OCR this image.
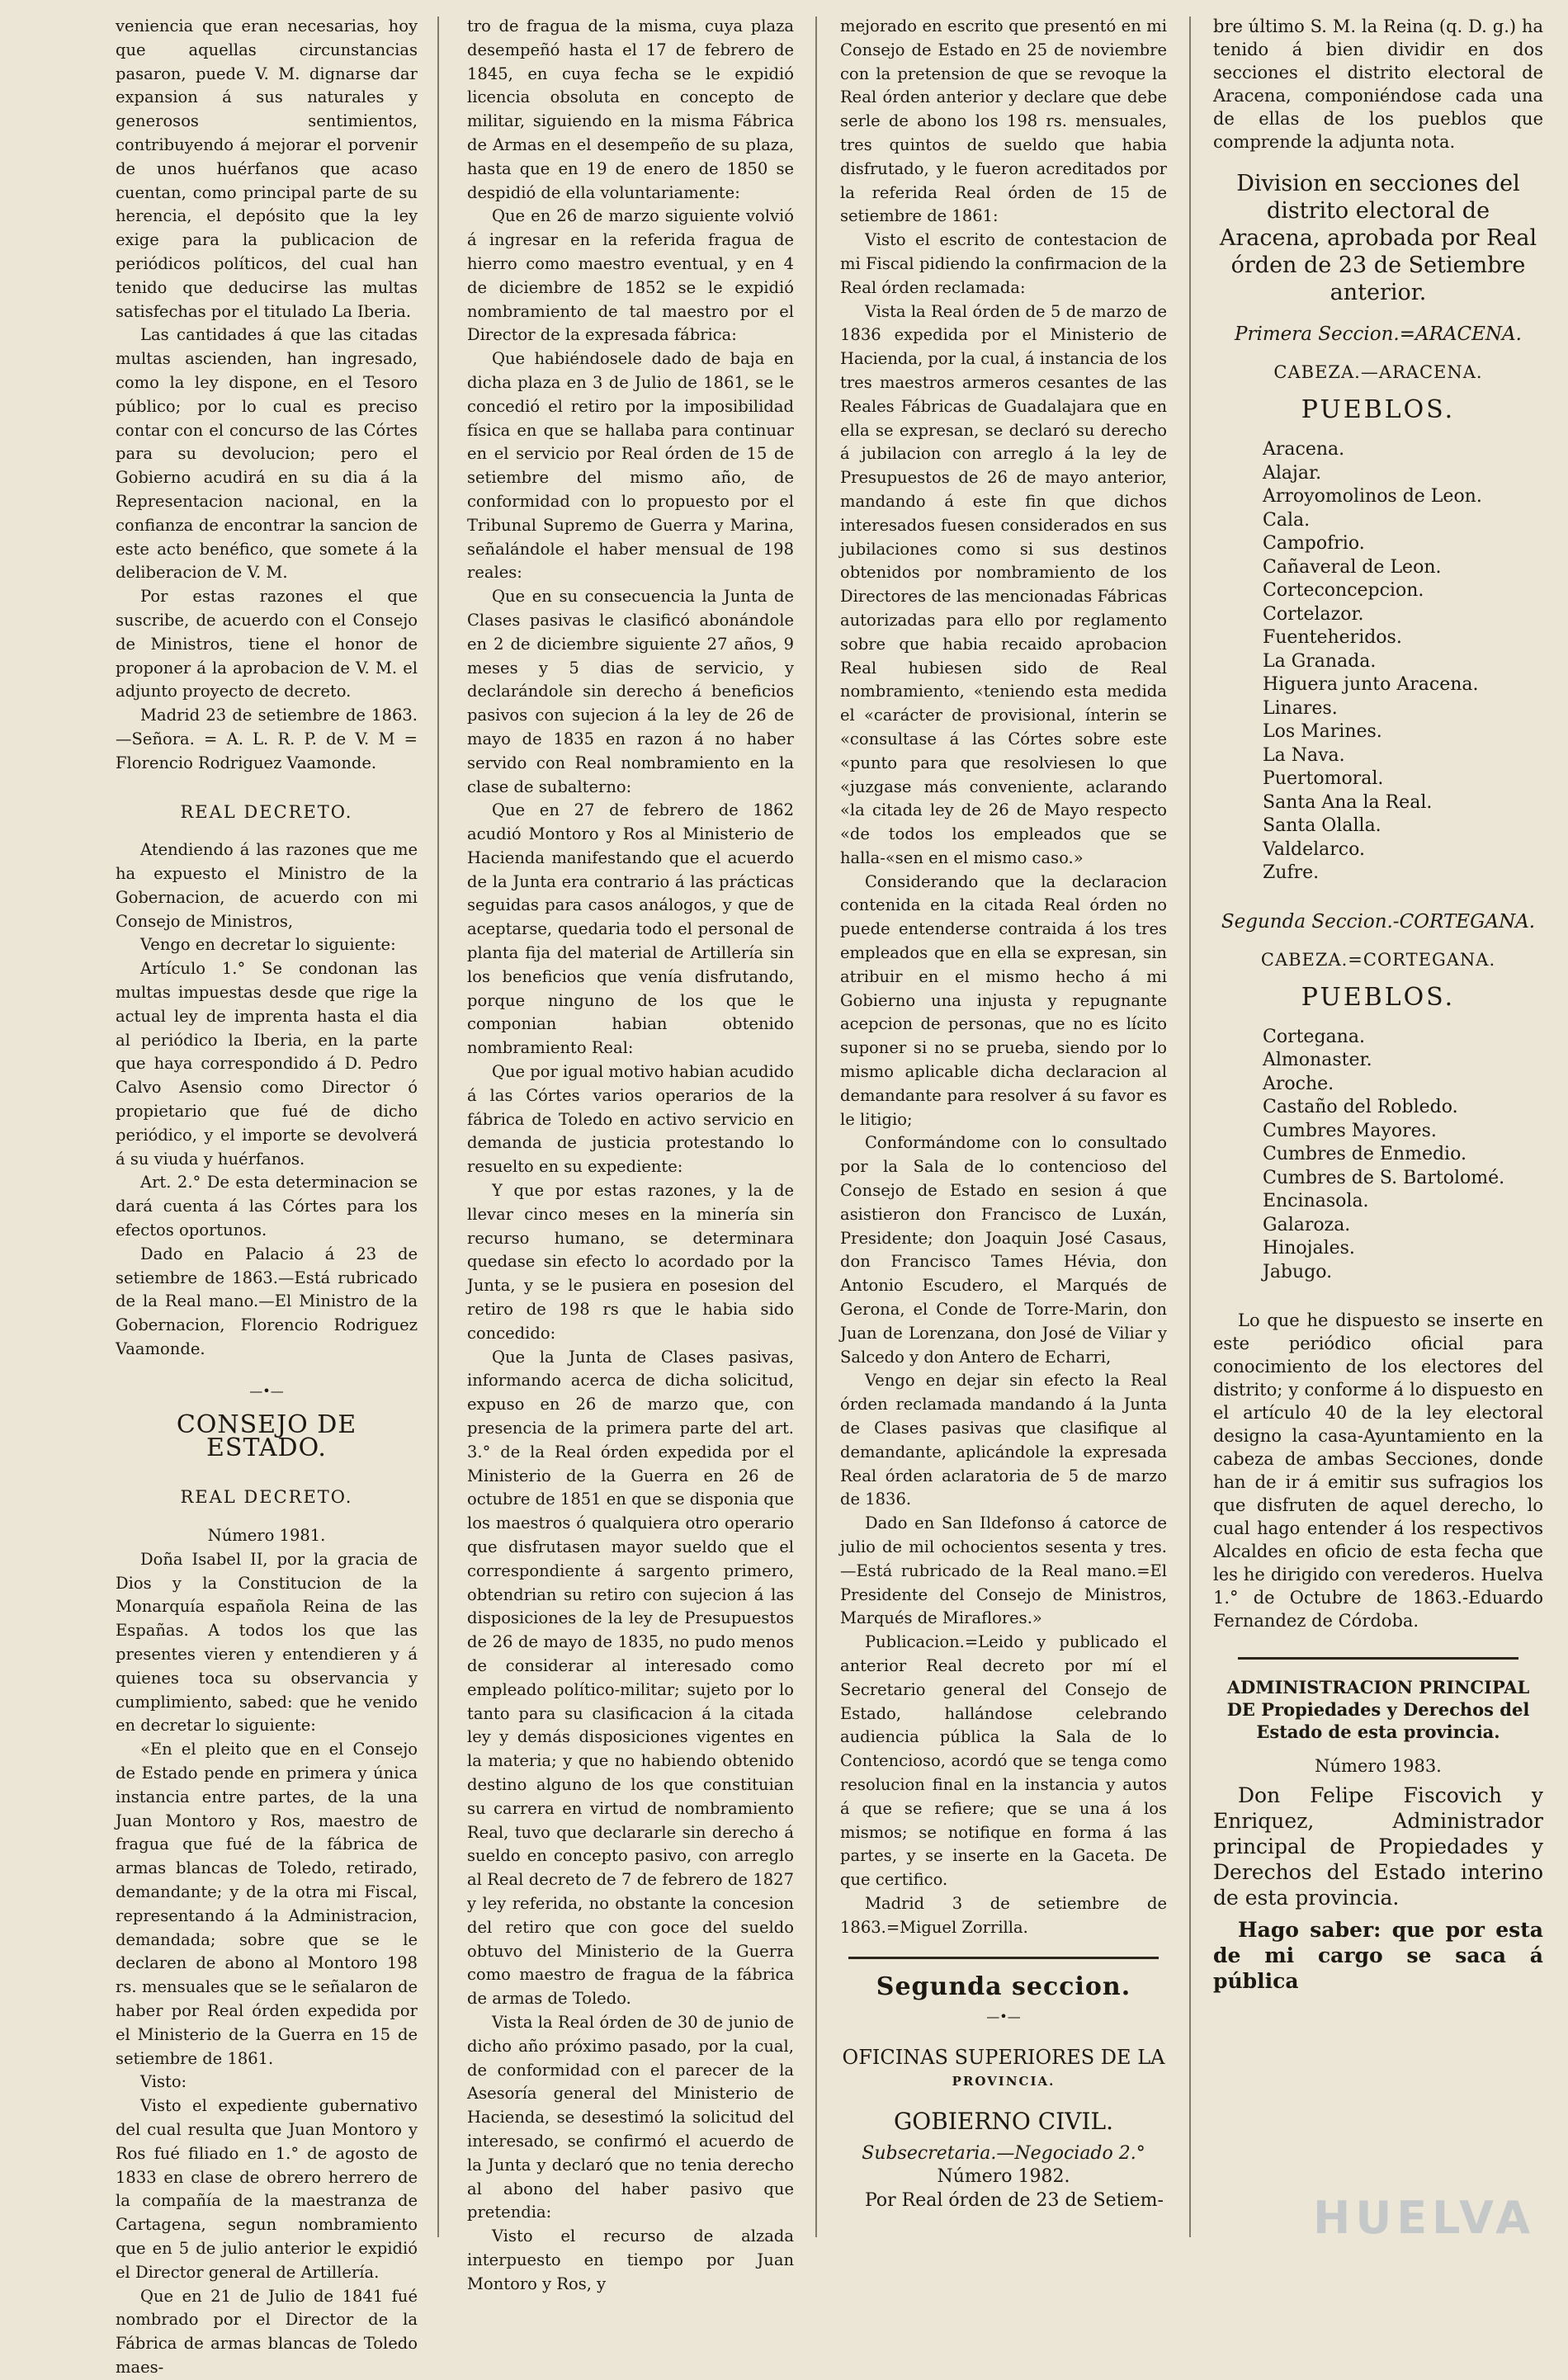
veniencia que eran necesarias, hoy que aquellas circunstancias pasaron, puede V. M. dignarse dar expansion á sus naturales y generosos sentimientos, contribuyendo á mejorar el porvenir de unos huérfanos que acaso cuentan, como principal parte de su herencia, el depósito que la ley exige para la publicacion de periódicos políticos, del cual han tenido que deducirse las multas satisfechas por el titulado La Iberia.

Las cantidades á que las citadas multas ascienden, han ingresado, como la ley dispone, en el Tesoro público; por lo cual es preciso contar con el concurso de las Córtes para su devolucion; pero el Gobierno acudirá en su dia á la Representacion nacional, en la confianza de encontrar la sancion de este acto benéfico, que somete á la deliberacion de V. M.

Por estas razones el que suscribe, de acuerdo con el Consejo de Ministros, tiene el honor de proponer á la aprobacion de V. M. el adjunto proyecto de decreto.

Madrid 23 de setiembre de 1863. —Señora. = A. L. R. P. de V. M = Florencio Rodriguez Vaamonde.

REAL DECRETO.

Atendiendo á las razones que me ha expuesto el Ministro de la Gobernacion, de acuerdo con mi Consejo de Ministros,

Vengo en decretar lo siguiente:

Artículo 1.° Se condonan las multas impuestas desde que rige la actual ley de imprenta hasta el dia al periódico la Iberia, en la parte que haya correspondido á D. Pedro Calvo Asensio como Director ó propietario que fué de dicho periódico, y el importe se devolverá á su viuda y huérfanos.

Art. 2.° De esta determinacion se dará cuenta á las Córtes para los efectos oportunos.

Dado en Palacio á 23 de setiembre de 1863.—Está rubricado de la Real mano.—El Ministro de la Gobernacion, Florencio Rodriguez Vaamonde.

—•—
CONSEJO DE ESTADO.
REAL DECRETO.
Número 1981.

Doña Isabel II, por la gracia de Dios y la Constitucion de la Monarquía española Reina de las Españas. A todos los que las presentes vieren y entendieren y á quienes toca su observancia y cumplimiento, sabed: que he venido en decretar lo siguiente:

«En el pleito que en el Consejo de Estado pende en primera y única instancia entre partes, de la una Juan Montoro y Ros, maestro de fragua que fué de la fábrica de armas blancas de Toledo, retirado, demandante; y de la otra mi Fiscal, representando á la Administracion, demandada; sobre que se le declaren de abono al Montoro 198 rs. mensuales que se le señalaron de haber por Real órden expedida por el Ministerio de la Guerra en 15 de setiembre de 1861.

Visto:

Visto el expediente gubernativo del cual resulta que Juan Montoro y Ros fué filiado en 1.° de agosto de 1833 en clase de obrero herrero de la compañía de la maestranza de Cartagena, segun nombramiento que en 5 de julio anterior le expidió el Director general de Artillería.

Que en 21 de Julio de 1841 fué nombrado por el Director de la Fábrica de armas blancas de Toledo maes-

tro de fragua de la misma, cuya plaza desempeñó hasta el 17 de febrero de 1845, en cuya fecha se le expidió licencia obsoluta en concepto de militar, siguiendo en la misma Fábrica de Armas en el desempeño de su plaza, hasta que en 19 de enero de 1850 se despidió de ella voluntariamente:

Que en 26 de marzo siguiente volvió á ingresar en la referida fragua de hierro como maestro eventual, y en 4 de diciembre de 1852 se le expidió nombramiento de tal maestro por el Director de la expresada fábrica:

Que habiéndosele dado de baja en dicha plaza en 3 de Julio de 1861, se le concedió el retiro por la imposibilidad física en que se hallaba para continuar en el servicio por Real órden de 15 de setiembre del mismo año, de conformidad con lo propuesto por el Tribunal Supremo de Guerra y Marina, señalándole el haber mensual de 198 reales:

Que en su consecuencia la Junta de Clases pasivas le clasificó abonándole en 2 de diciembre siguiente 27 años, 9 meses y 5 dias de servicio, y declarándole sin derecho á beneficios pasivos con sujecion á la ley de 26 de mayo de 1835 en razon á no haber servido con Real nombramiento en la clase de subalterno:

Que en 27 de febrero de 1862 acudió Montoro y Ros al Ministerio de Hacienda manifestando que el acuerdo de la Junta era contrario á las prácticas seguidas para casos análogos, y que de aceptarse, quedaria todo el personal de planta fija del material de Artillería sin los beneficios que venía disfrutando, porque ninguno de los que le componian habian obtenido nombramiento Real:

Que por igual motivo habian acudido á las Córtes varios operarios de la fábrica de Toledo en activo servicio en demanda de justicia protestando lo resuelto en su expediente:

Y que por estas razones, y la de llevar cinco meses en la minería sin recurso humano, se determinara quedase sin efecto lo acordado por la Junta, y se le pusiera en posesion del retiro de 198 rs que le habia sido concedido:

Que la Junta de Clases pasivas, informando acerca de dicha solicitud, expuso en 26 de marzo que, con presencia de la primera parte del art. 3.° de la Real órden expedida por el Ministerio de la Guerra en 26 de octubre de 1851 en que se disponia que los maestros ó qualquiera otro operario que disfrutasen mayor sueldo que el correspondiente á sargento primero, obtendrian su retiro con sujecion á las disposiciones de la ley de Presupuestos de 26 de mayo de 1835, no pudo menos de considerar al interesado como empleado político-militar; sujeto por lo tanto para su clasificacion á la citada ley y demás disposiciones vigentes en la materia; y que no habiendo obtenido destino alguno de los que constituian su carrera en virtud de nombramiento Real, tuvo que declararle sin derecho á sueldo en concepto pasivo, con arreglo al Real decreto de 7 de febrero de 1827 y ley referida, no obstante la concesion del retiro que con goce del sueldo obtuvo del Ministerio de la Guerra como maestro de fragua de la fábrica de armas de Toledo.

Vista la Real órden de 30 de junio de dicho año próximo pasado, por la cual, de conformidad con el parecer de la Asesoría general del Ministerio de Hacienda, se desestimó la solicitud del interesado, se confirmó el acuerdo de la Junta y declaró que no tenia derecho al abono del haber pasivo que pretendia:

Visto el recurso de alzada interpuesto en tiempo por Juan Montoro y Ros, y

mejorado en escrito que presentó en mi Consejo de Estado en 25 de noviembre con la pretension de que se revoque la Real órden anterior y declare que debe serle de abono los 198 rs. mensuales, tres quintos de sueldo que habia disfrutado, y le fueron acreditados por la referida Real órden de 15 de setiembre de 1861:

Visto el escrito de contestacion de mi Fiscal pidiendo la confirmacion de la Real órden reclamada:

Vista la Real órden de 5 de marzo de 1836 expedida por el Ministerio de Hacienda, por la cual, á instancia de los tres maestros armeros cesantes de las Reales Fábricas de Guadalajara que en ella se expresan, se declaró su derecho á jubilacion con arreglo á la ley de Presupuestos de 26 de mayo anterior, mandando á este fin que dichos interesados fuesen considerados en sus jubilaciones como si sus destinos obtenidos por nombramiento de los Directores de las mencionadas Fábricas autorizadas para ello por reglamento sobre que habia recaido aprobacion Real hubiesen sido de Real nombramiento, «teniendo esta medida el «carácter de provisional, ínterin se «consultase á las Córtes sobre este «punto para que resolviesen lo que «juzgase más conveniente, aclarando «la citada ley de 26 de Mayo respecto «de todos los empleados que se halla-«sen en el mismo caso.»

Considerando que la declaracion contenida en la citada Real órden no puede entenderse contraida á los tres empleados que en ella se expresan, sin atribuir en el mismo hecho á mi Gobierno una injusta y repugnante acepcion de personas, que no es lícito suponer si no se prueba, siendo por lo mismo aplicable dicha declaracion al demandante para resolver á su favor es le litigio;

Conformándome con lo consultado por la Sala de lo contencioso del Consejo de Estado en sesion á que asistieron don Francisco de Luxán, Presidente; don Joaquin José Casaus, don Francisco Tames Hévia, don Antonio Escudero, el Marqués de Gerona, el Conde de Torre-Marin, don Juan de Lorenzana, don José de Viliar y Salcedo y don Antero de Echarri,

Vengo en dejar sin efecto la Real órden reclamada mandando á la Junta de Clases pasivas que clasifique al demandante, aplicándole la expresada Real órden aclaratoria de 5 de marzo de 1836.

Dado en San Ildefonso á catorce de julio de mil ochocientos sesenta y tres.—Está rubricado de la Real mano.=El Presidente del Consejo de Ministros, Marqués de Miraflores.»

Publicacion.=Leido y publicado el anterior Real decreto por mí el Secretario general del Consejo de Estado, hallándose celebrando audiencia pública la Sala de lo Contencioso, acordó que se tenga como resolucion final en la instancia y autos á que se refiere; que se una á los mismos; se notifique en forma á las partes, y se inserte en la Gaceta. De que certifico.

Madrid 3 de setiembre de 1863.=Miguel Zorrilla.

Segunda seccion.
—•—
OFICINAS SUPERIORES DE LA
PROVINCIA.
GOBIERNO CIVIL.
Subsecretaria.—Negociado 2.°
Número 1982.

Por Real órden de 23 de Setiem-

bre último S. M. la Reina (q. D. g.) ha tenido á bien dividir en dos secciones el distrito electoral de Aracena, componiéndose cada una de ellas de los pueblos que comprende la adjunta nota.

Division en secciones del distrito electoral de Aracena, aprobada por Real órden de 23 de Setiembre anterior.
Primera Seccion.=ARACENA.
CABEZA.—ARACENA.
PUEBLOS.
Aracena.
Alajar.
Arroyomolinos de Leon.
Cala.
Campofrio.
Cañaveral de Leon.
Corteconcepcion.
Cortelazor.
Fuenteheridos.
La Granada.
Higuera junto Aracena.
Linares.
Los Marines.
La Nava.
Puertomoral.
Santa Ana la Real.
Santa Olalla.
Valdelarco.
Zufre.
Segunda Seccion.-CORTEGANA.
CABEZA.=CORTEGANA.
PUEBLOS.
Cortegana.
Almonaster.
Aroche.
Castaño del Robledo.
Cumbres Mayores.
Cumbres de Enmedio.
Cumbres de S. Bartolomé.
Encinasola.
Galaroza.
Hinojales.
Jabugo.

Lo que he dispuesto se inserte en este periódico oficial para conocimiento de los electores del distrito; y conforme á lo dispuesto en el artículo 40 de la ley electoral designo la casa-Ayuntamiento en la cabeza de ambas Secciones, donde han de ir á emitir sus sufragios los que disfruten de aquel derecho, lo cual hago entender á los respectivos Alcaldes en oficio de esta fecha que les he dirigido con verederos. Huelva 1.° de Octubre de 1863.-Eduardo Fernandez de Córdoba.

ADMINISTRACION PRINCIPAL DE Propiedades y Derechos del Estado de esta provincia.
Número 1983.

Don Felipe Fiscovich y Enriquez, Administrador principal de Propiedades y Derechos del Estado interino de esta provincia.

Hago saber: que por esta de mi cargo se saca á pública

HUELVA
